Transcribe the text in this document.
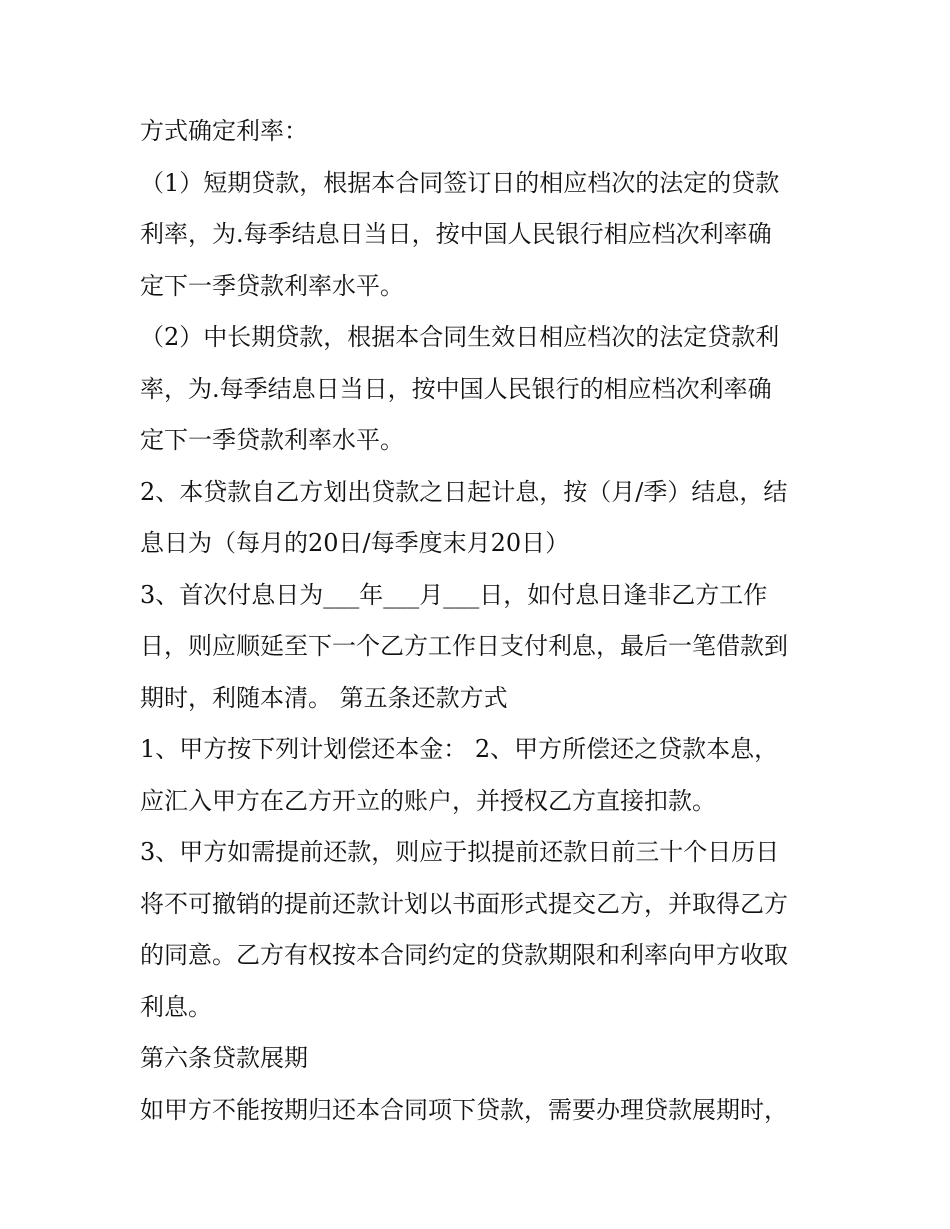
方式确定利率：
（1）短期贷款，根据本合同签订日的相应档次的法定的贷款
利率，为.每季结息日当日，按中国人民银行相应档次利率确
定下一季贷款利率水平。
（2）中长期贷款，根据本合同生效日相应档次的法定贷款利
率，为.每季结息日当日，按中国人民银行的相应档次利率确
定下一季贷款利率水平。
2、本贷款自乙方划出贷款之日起计息，按（月/季）结息，结
息日为（每月的20日/每季度末月20日）
3、首次付息日为___年___月___日，如付息日逢非乙方工作
日，则应顺延至下一个乙方工作日支付利息，最后一笔借款到
期时，利随本清。 第五条还款方式
1、甲方按下列计划偿还本金： 2、甲方所偿还之贷款本息，
应汇入甲方在乙方开立的账户，并授权乙方直接扣款。
3、甲方如需提前还款，则应于拟提前还款日前三十个日历日
将不可撤销的提前还款计划以书面形式提交乙方，并取得乙方
的同意。乙方有权按本合同约定的贷款期限和利率向甲方收取
利息。
第六条贷款展期
如甲方不能按期归还本合同项下贷款，需要办理贷款展期时，
